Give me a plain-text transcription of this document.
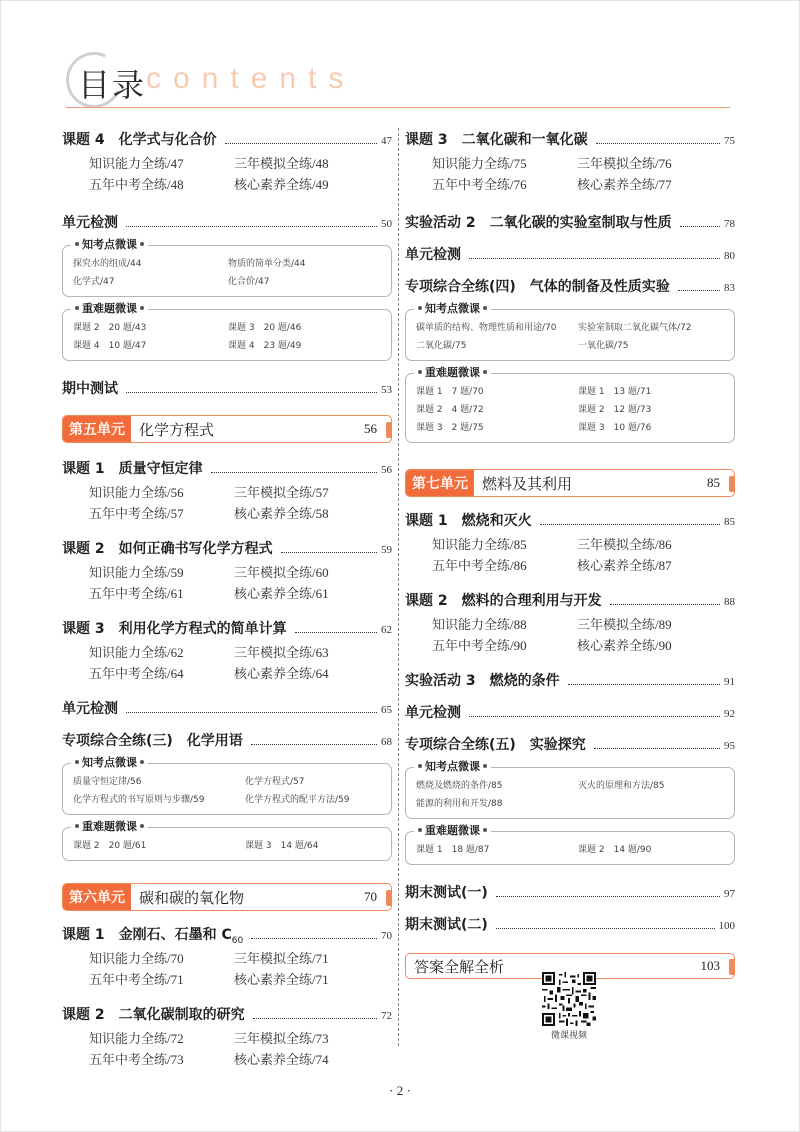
目录 contents
课题 4　化学式与化合价	47
知识能力全练/47	三年模拟全练/48
五年中考全练/48	核心素养全练/49
单元检测	50
知考点微课
探究水的组成/44	物质的简单分类/44
化学式/47	化合价/47
重难题微课
课题 2　20 题/43	课题 3　20 题/46
课题 4　10 题/47	课题 4　23 题/49
期中测试	53
第五单元 化学方程式	56
课题 1　质量守恒定律	56
知识能力全练/56	三年模拟全练/57
五年中考全练/57	核心素养全练/58
课题 2　如何正确书写化学方程式	59
知识能力全练/59	三年模拟全练/60
五年中考全练/61	核心素养全练/61
课题 3　利用化学方程式的简单计算	62
知识能力全练/62	三年模拟全练/63
五年中考全练/64	核心素养全练/64
单元检测	65
专项综合全练(三)　化学用语	68
知考点微课
质量守恒定律/56	化学方程式/57
化学方程式的书写原则与步骤/59	化学方程式的配平方法/59
重难题微课
课题 2　20 题/61	课题 3　14 题/64
第六单元 碳和碳的氧化物	70
课题 1　金刚石、石墨和 $C_{60}$	70
知识能力全练/70	三年模拟全练/71
五年中考全练/71	核心素养全练/71
课题 2　二氧化碳制取的研究	72
知识能力全练/72	三年模拟全练/73
五年中考全练/73	核心素养全练/74
课题 3　二氧化碳和一氧化碳	75
知识能力全练/75	三年模拟全练/76
五年中考全练/76	核心素养全练/77
实验活动 2　二氧化碳的实验室制取与性质	78
单元检测	80
专项综合全练(四)　气体的制备及性质实验	83
知考点微课
碳单质的结构、物理性质和用途/70	实验室制取二氧化碳气体/72
二氧化碳/75	一氧化碳/75
重难题微课
课题 1　7 题/70	课题 1　13 题/71
课题 2　4 题/72	课题 2　12 题/73
课题 3　2 题/75	课题 3　10 题/76
第七单元 燃料及其利用	85
课题 1　燃烧和灭火	85
知识能力全练/85	三年模拟全练/86
五年中考全练/86	核心素养全练/87
课题 2　燃料的合理利用与开发	88
知识能力全练/88	三年模拟全练/89
五年中考全练/90	核心素养全练/90
实验活动 3　燃烧的条件	91
单元检测	92
专项综合全练(五)　实验探究	95
知考点微课
燃烧及燃烧的条件/85	灭火的原理和方法/85
能源的利用和开发/88
重难题微课
课题 1　18 题/87	课题 2　14 题/90
期末测试(一)	97
期末测试(二)	100
答案全解全析	103
微课视频
· 2 ·
